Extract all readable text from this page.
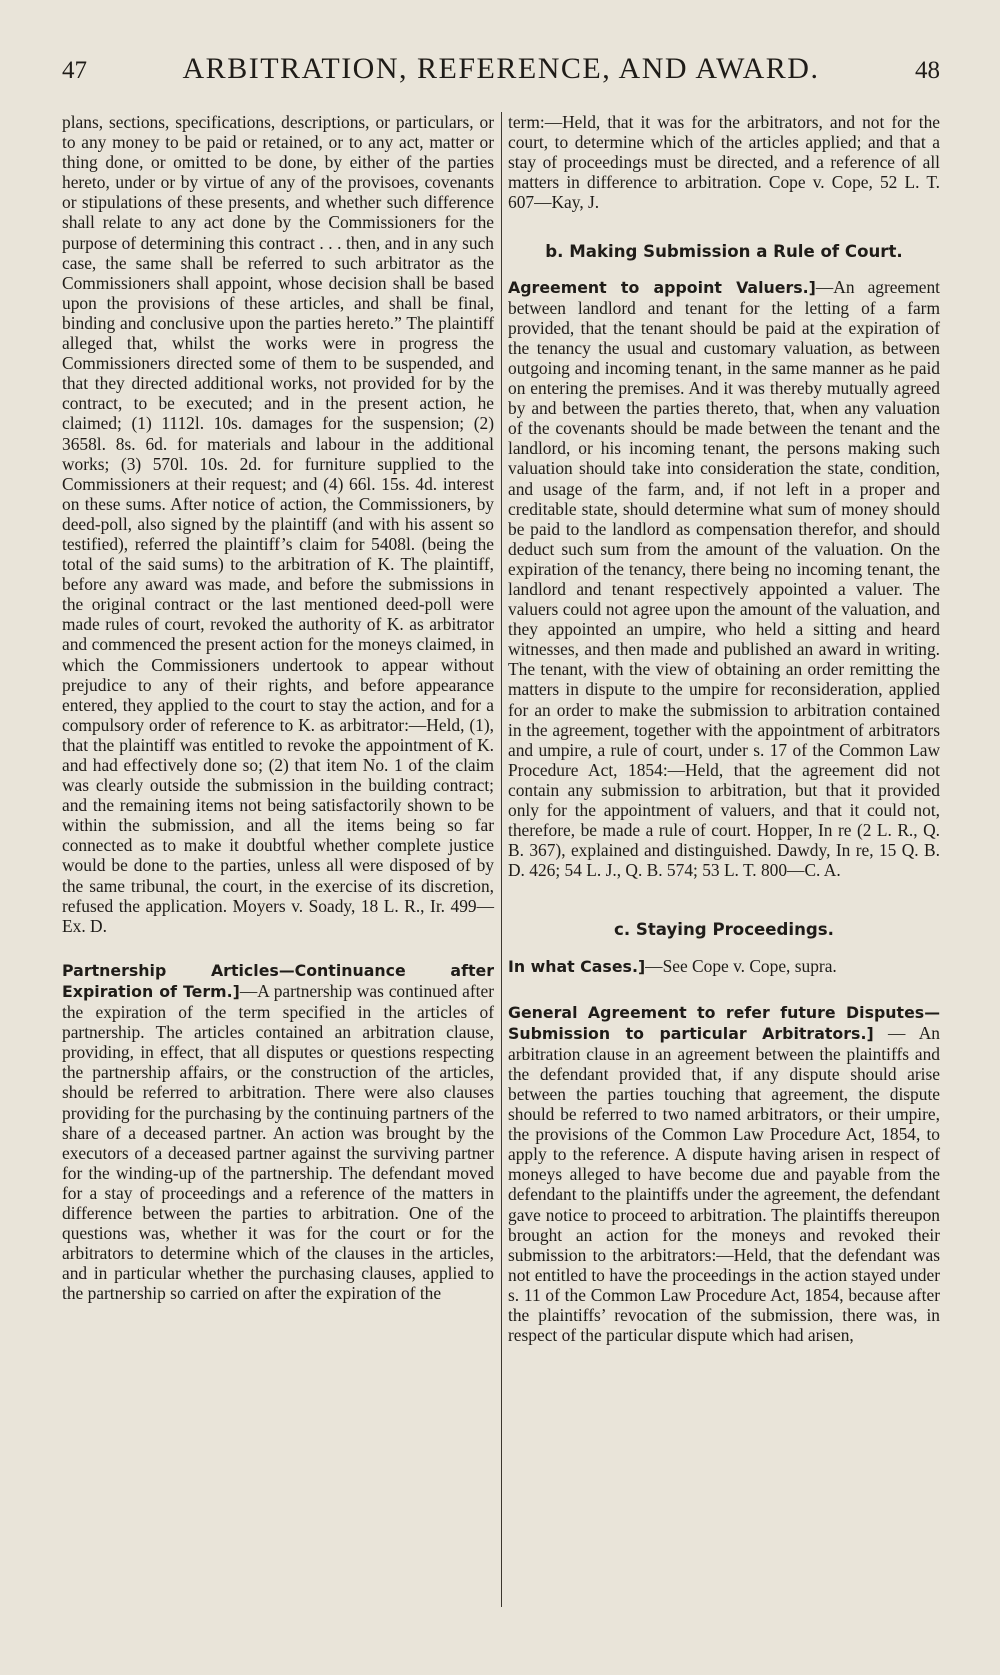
47	ARBITRATION, REFERENCE, AND AWARD.	48

plans, sections, specifications, descriptions, or particulars, or to any money to be paid or retained, or to any act, matter or thing done, or omitted to be done, by either of the parties hereto, under or by virtue of any of the provisoes, covenants or stipulations of these presents, and whether such difference shall relate to any act done by the Commissioners for the purpose of determining this contract . . . then, and in any such case, the same shall be referred to such arbitrator as the Commissioners shall appoint, whose decision shall be based upon the provisions of these articles, and shall be final, binding and conclusive upon the parties hereto.” The plaintiff alleged that, whilst the works were in progress the Commissioners directed some of them to be suspended, and that they directed additional works, not provided for by the contract, to be executed; and in the present action, he claimed; (1) 1112l. 10s. damages for the suspension; (2) 3658l. 8s. 6d. for materials and labour in the additional works; (3) 570l. 10s. 2d. for furniture supplied to the Commissioners at their request; and (4) 66l. 15s. 4d. interest on these sums. After notice of action, the Commissioners, by deed-poll, also signed by the plaintiff (and with his assent so testified), referred the plaintiff’s claim for 5408l. (being the total of the said sums) to the arbitration of K. The plaintiff, before any award was made, and before the submissions in the original contract or the last mentioned deed-poll were made rules of court, revoked the authority of K. as arbitrator and commenced the present action for the moneys claimed, in which the Commissioners undertook to appear without prejudice to any of their rights, and before appearance entered, they applied to the court to stay the action, and for a compulsory order of reference to K. as arbitrator:—Held, (1), that the plaintiff was entitled to revoke the appointment of K. and had effectively done so; (2) that item No. 1 of the claim was clearly outside the submission in the building contract; and the remaining items not being satisfactorily shown to be within the submission, and all the items being so far connected as to make it doubtful whether complete justice would be done to the parties, unless all were disposed of by the same tribunal, the court, in the exercise of its discretion, refused the application. Moyers v. Soady, 18 L. R., Ir. 499—Ex. D.

Partnership Articles—Continuance after Expiration of Term.]—A partnership was continued after the expiration of the term specified in the articles of partnership. The articles contained an arbitration clause, providing, in effect, that all disputes or questions respecting the partnership affairs, or the construction of the articles, should be referred to arbitration. There were also clauses providing for the purchasing by the continuing partners of the share of a deceased partner. An action was brought by the executors of a deceased partner against the surviving partner for the winding-up of the partnership. The defendant moved for a stay of proceedings and a reference of the matters in difference between the parties to arbitration. One of the questions was, whether it was for the court or for the arbitrators to determine which of the clauses in the articles, and in particular whether the purchasing clauses, applied to the partnership so carried on after the expiration of the

term:—Held, that it was for the arbitrators, and not for the court, to determine which of the articles applied; and that a stay of proceedings must be directed, and a reference of all matters in difference to arbitration. Cope v. Cope, 52 L. T. 607—Kay, J.

b. Making Submission a Rule of Court.

Agreement to appoint Valuers.]—An agreement between landlord and tenant for the letting of a farm provided, that the tenant should be paid at the expiration of the tenancy the usual and customary valuation, as between outgoing and incoming tenant, in the same manner as he paid on entering the premises. And it was thereby mutually agreed by and between the parties thereto, that, when any valuation of the covenants should be made between the tenant and the landlord, or his incoming tenant, the persons making such valuation should take into consideration the state, condition, and usage of the farm, and, if not left in a proper and creditable state, should determine what sum of money should be paid to the landlord as compensation therefor, and should deduct such sum from the amount of the valuation. On the expiration of the tenancy, there being no incoming tenant, the landlord and tenant respectively appointed a valuer. The valuers could not agree upon the amount of the valuation, and they appointed an umpire, who held a sitting and heard witnesses, and then made and published an award in writing. The tenant, with the view of obtaining an order remitting the matters in dispute to the umpire for reconsideration, applied for an order to make the submission to arbitration contained in the agreement, together with the appointment of arbitrators and umpire, a rule of court, under s. 17 of the Common Law Procedure Act, 1854:—Held, that the agreement did not contain any submission to arbitration, but that it provided only for the appointment of valuers, and that it could not, therefore, be made a rule of court. Hopper, In re (2 L. R., Q. B. 367), explained and distinguished. Dawdy, In re, 15 Q. B. D. 426; 54 L. J., Q. B. 574; 53 L. T. 800—C. A.

c. Staying Proceedings.

In what Cases.]—See Cope v. Cope, supra.

General Agreement to refer future Disputes—Submission to particular Arbitrators.] — An arbitration clause in an agreement between the plaintiffs and the defendant provided that, if any dispute should arise between the parties touching that agreement, the dispute should be referred to two named arbitrators, or their umpire, the provisions of the Common Law Procedure Act, 1854, to apply to the reference. A dispute having arisen in respect of moneys alleged to have become due and payable from the defendant to the plaintiffs under the agreement, the defendant gave notice to proceed to arbitration. The plaintiffs thereupon brought an action for the moneys and revoked their submission to the arbitrators:—Held, that the defendant was not entitled to have the proceedings in the action stayed under s. 11 of the Common Law Procedure Act, 1854, because after the plaintiffs’ revocation of the submission, there was, in respect of the particular dispute which had arisen,
